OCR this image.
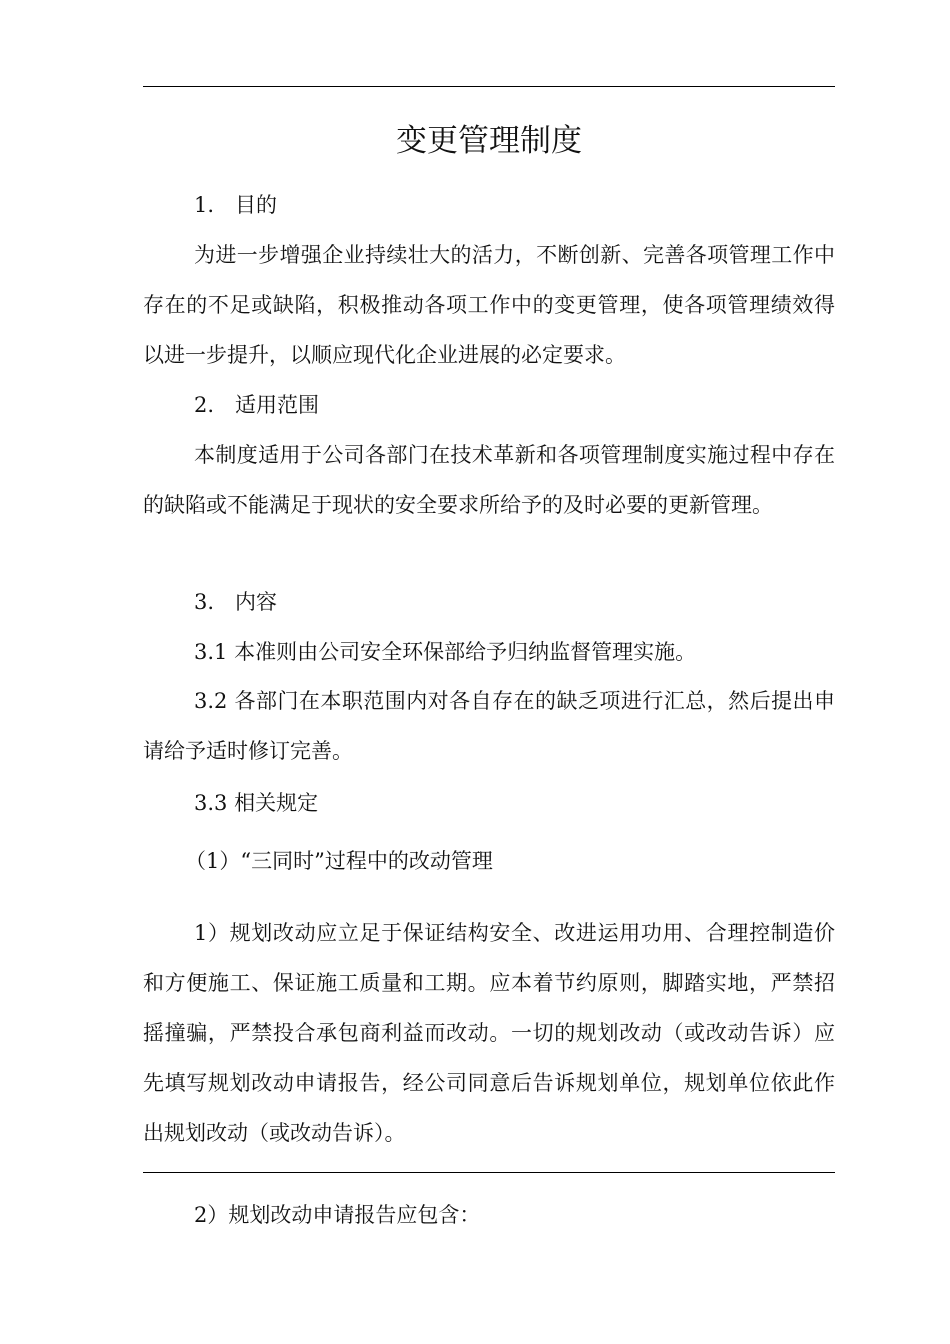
变更管理制度

1. 目的

为进一步增强企业持续壮大的活力，不断创新、完善各项管理工作中存在的不足或缺陷，积极推动各项工作中的变更管理，使各项管理绩效得以进一步提升，以顺应现代化企业进展的必定要求。

2. 适用范围

本制度适用于公司各部门在技术革新和各项管理制度实施过程中存在的缺陷或不能满足于现状的安全要求所给予的及时必要的更新管理。

3. 内容

3.1 本准则由公司安全环保部给予归纳监督管理实施。

3.2 各部门在本职范围内对各自存在的缺乏项进行汇总，然后提出申请给予适时修订完善。

3.3 相关规定

（1）“三同时”过程中的改动管理

1）规划改动应立足于保证结构安全、改进运用功用、合理控制造价和方便施工、保证施工质量和工期。应本着节约原则，脚踏实地，严禁招摇撞骗，严禁投合承包商利益而改动。一切的规划改动（或改动告诉）应先填写规划改动申请报告，经公司同意后告诉规划单位，规划单位依此作出规划改动（或改动告诉）。

2）规划改动申请报告应包含：
